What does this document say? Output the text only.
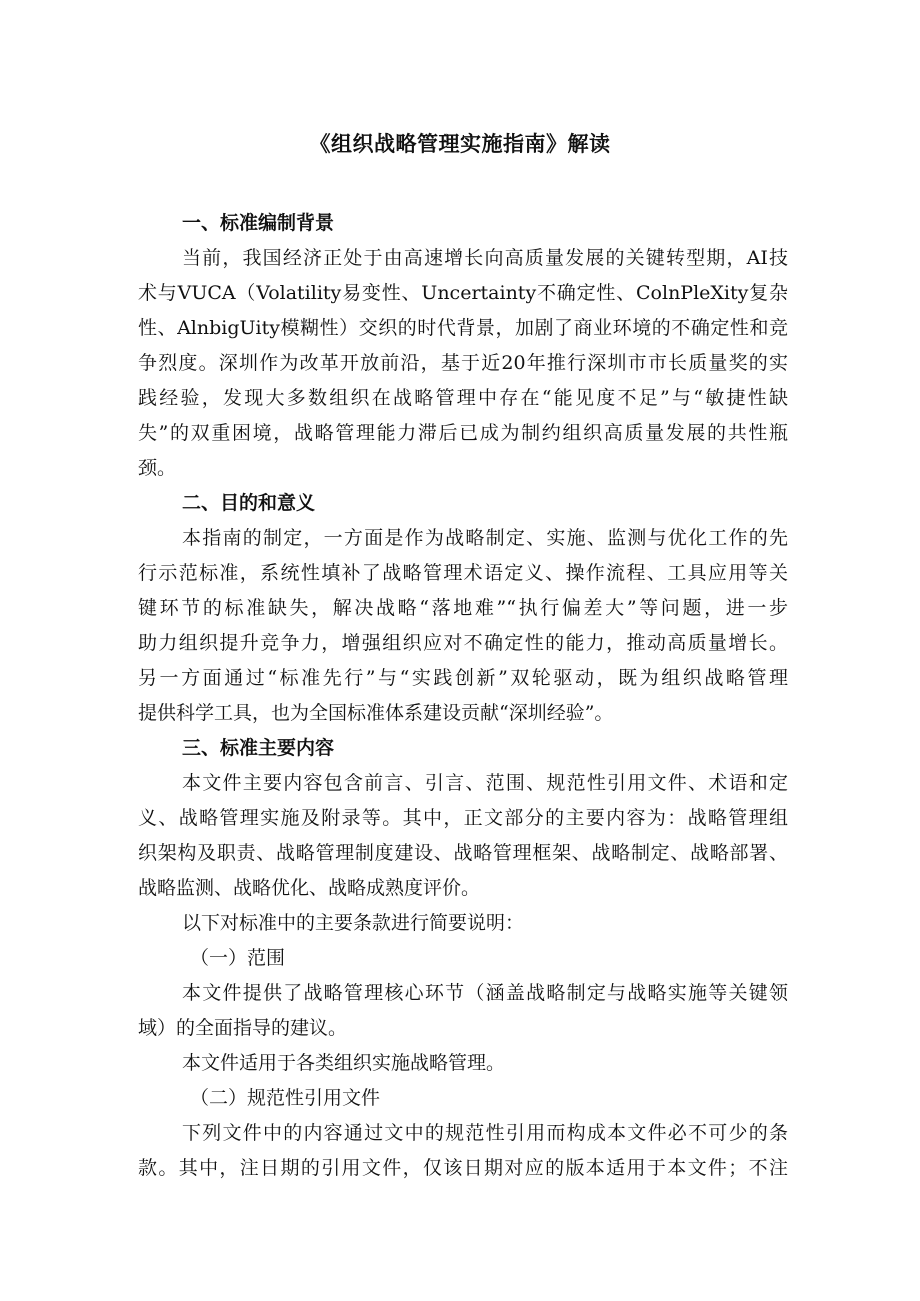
《组织战略管理实施指南》解读
一、标准编制背景
当前，我国经济正处于由高速增长向高质量发展的关键转型期，AI技
术与VUCA（Volatility易变性、Uncertainty不确定性、ColnPleXity复杂
性、AlnbigUity模糊性）交织的时代背景，加剧了商业环境的不确定性和竞
争烈度。深圳作为改革开放前沿，基于近20年推行深圳市市长质量奖的实
践经验，发现大多数组织在战略管理中存在“能见度不足”与“敏捷性缺
失”的双重困境，战略管理能力滞后已成为制约组织高质量发展的共性瓶
颈。
二、目的和意义
本指南的制定，一方面是作为战略制定、实施、监测与优化工作的先
行示范标准，系统性填补了战略管理术语定义、操作流程、工具应用等关
键环节的标准缺失，解决战略“落地难”“执行偏差大”等问题，进一步
助力组织提升竞争力，增强组织应对不确定性的能力，推动高质量增长。
另一方面通过“标准先行”与“实践创新”双轮驱动，既为组织战略管理
提供科学工具，也为全国标准体系建设贡献“深圳经验”。
三、标准主要内容
本文件主要内容包含前言、引言、范围、规范性引用文件、术语和定
义、战略管理实施及附录等。其中，正文部分的主要内容为：战略管理组
织架构及职责、战略管理制度建设、战略管理框架、战略制定、战略部署、
战略监测、战略优化、战略成熟度评价。
以下对标准中的主要条款进行简要说明：
（一）范围
本文件提供了战略管理核心环节（涵盖战略制定与战略实施等关键领
域）的全面指导的建议。
本文件适用于各类组织实施战略管理。
（二）规范性引用文件
下列文件中的内容通过文中的规范性引用而构成本文件必不可少的条
款。其中，注日期的引用文件，仅该日期对应的版本适用于本文件；不注
